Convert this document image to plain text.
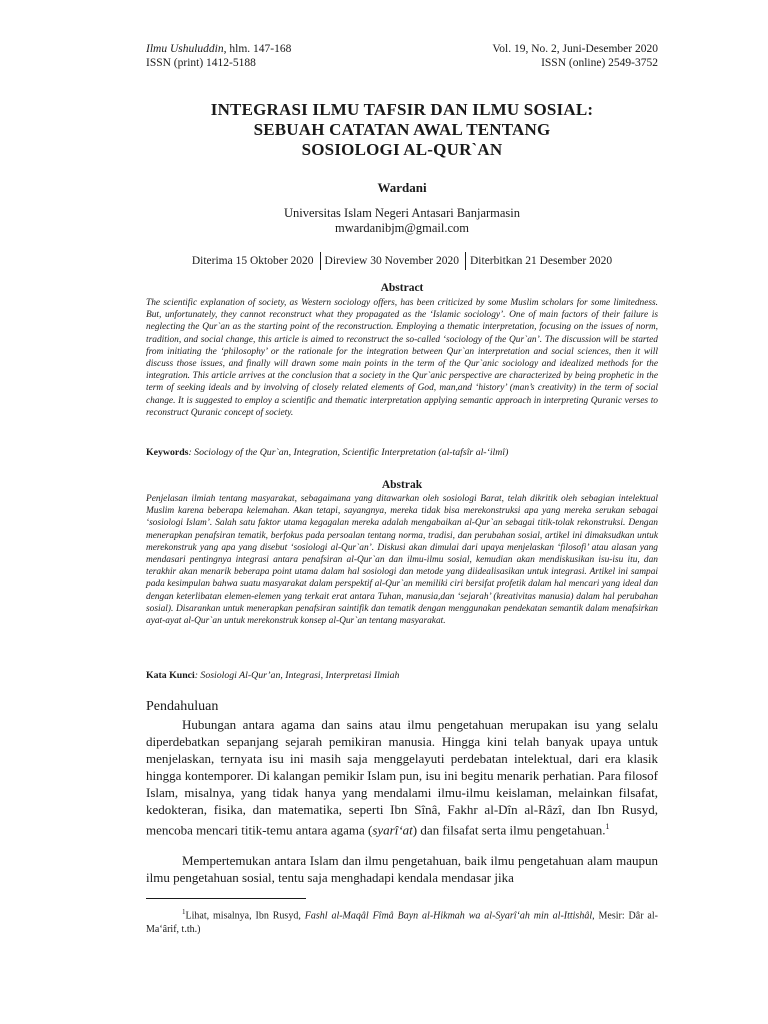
Ilmu Ushuluddin, hlm. 147-168	Vol. 19, No. 2, Juni-Desember 2020
ISSN (print) 1412-5188	ISSN (online) 2549-3752
INTEGRASI ILMU TAFSIR DAN ILMU SOSIAL:
SEBUAH CATATAN AWAL TENTANG
SOSIOLOGI AL-QUR`AN
Wardani
Universitas Islam Negeri Antasari Banjarmasin
mwardanibjm@gmail.com
Diterima 15 Oktober 2020 Direview 30 November 2020 Diterbitkan 21 Desember 2020
Abstract
The scientific explanation of society, as Western sociology offers, has been criticized by some Muslim scholars for some limitedness. But, unfortunately, they cannot reconstruct what they propagated as the ‘Islamic sociology’. One of main factors of their failure is neglecting the Qur`an as the starting point of the reconstruction. Employing a thematic interpretation, focusing on the issues of norm, tradition, and social change, this article is aimed to reconstruct the so-called ‘sociology of the Qur`an’. The discussion will be started from initiating the ‘philosophy’ or the rationale for the integration between Qur`an interpretation and social sciences, then it will discuss those issues, and finally will drawn some main points in the term of the Qur`anic sociology and idealized methods for the integration. This article arrives at the conclusion that a society in the Qur`anic perspective are characterized by being prophetic in the term of seeking ideals and by involving of closely related elements of God, man,and ‘history’ (man’s creativity) in the term of social change. It is suggested to employ a scientific and thematic interpretation applying semantic approach in interpreting Quranic verses to reconstruct Quranic concept of society.
Keywords: Sociology of the Qur`an, Integration, Scientific Interpretation (al-tafsîr al-‘ilmî)
Abstrak
Penjelasan ilmiah tentang masyarakat, sebagaimana yang ditawarkan oleh sosiologi Barat, telah dikritik oleh sebagian intelektual Muslim karena beberapa kelemahan. Akan tetapi, sayangnya, mereka tidak bisa merekonstruksi apa yang mereka serukan sebagai ‘sosiologi Islam’. Salah satu faktor utama kegagalan mereka adalah mengabaikan al-Qur`an sebagai titik-tolak rekonstruksi. Dengan menerapkan penafsiran tematik, berfokus pada persoalan tentang norma, tradisi, dan perubahan sosial, artikel ini dimaksudkan untuk merekonstruk yang apa yang disebut ‘sosiologi al-Qur`an’. Diskusi akan dimulai dari upaya menjelaskan ‘filosofi’ atau alasan yang mendasari pentingnya integrasi antara penafsiran al-Qur`an dan ilmu-ilmu sosial, kemudian akan mendiskusikan isu-isu itu, dan terakhir akan menarik beberapa point utama dalam hal sosiologi dan metode yang diidealisasikan untuk integrasi. Artikel ini sampai pada kesimpulan bahwa suatu masyarakat dalam perspektif al-Qur`an memiliki ciri bersifat profetik dalam hal mencari yang ideal dan dengan keterlibatan elemen-elemen yang terkait erat antara Tuhan, manusia,dan ‘sejarah’ (kreativitas manusia) dalam hal perubahan sosial). Disarankan untuk menerapkan penafsiran saintifik dan tematik dengan menggunakan pendekatan semantik dalam menafsirkan ayat-ayat al-Qur`an untuk merekonstruk konsep al-Qur`an tentang masyarakat.
Kata Kunci: Sosiologi Al-Qur’an, Integrasi, Interpretasi Ilmiah
Pendahuluan
Hubungan antara agama dan sains atau ilmu pengetahuan merupakan isu yang selalu diperdebatkan sepanjang sejarah pemikiran manusia. Hingga kini telah banyak upaya untuk menjelaskan, ternyata isu ini masih saja menggelayuti perdebatan intelektual, dari era klasik hingga kontemporer. Di kalangan pemikir Islam pun, isu ini begitu menarik perhatian. Para filosof Islam, misalnya, yang tidak hanya yang mendalami ilmu-ilmu keislaman, melainkan filsafat, kedokteran, fisika, dan matematika, seperti Ibn Sînâ, Fakhr al-Dîn al-Râzî, dan Ibn Rusyd, mencoba mencari titik-temu antara agama (syarî‘at) dan filsafat serta ilmu pengetahuan.$^1$
Mempertemukan antara Islam dan ilmu pengetahuan, baik ilmu pengetahuan alam maupun ilmu pengetahuan sosial, tentu saja menghadapi kendala mendasar jika
$^1$Lihat, misalnya, Ibn Rusyd, Fashl al-Maqâl Fîmâ Bayn al-Hikmah wa al-Syarî‘ah min al-Ittishâl, Mesir: Dâr al-Ma‘ârif, t.th.)
